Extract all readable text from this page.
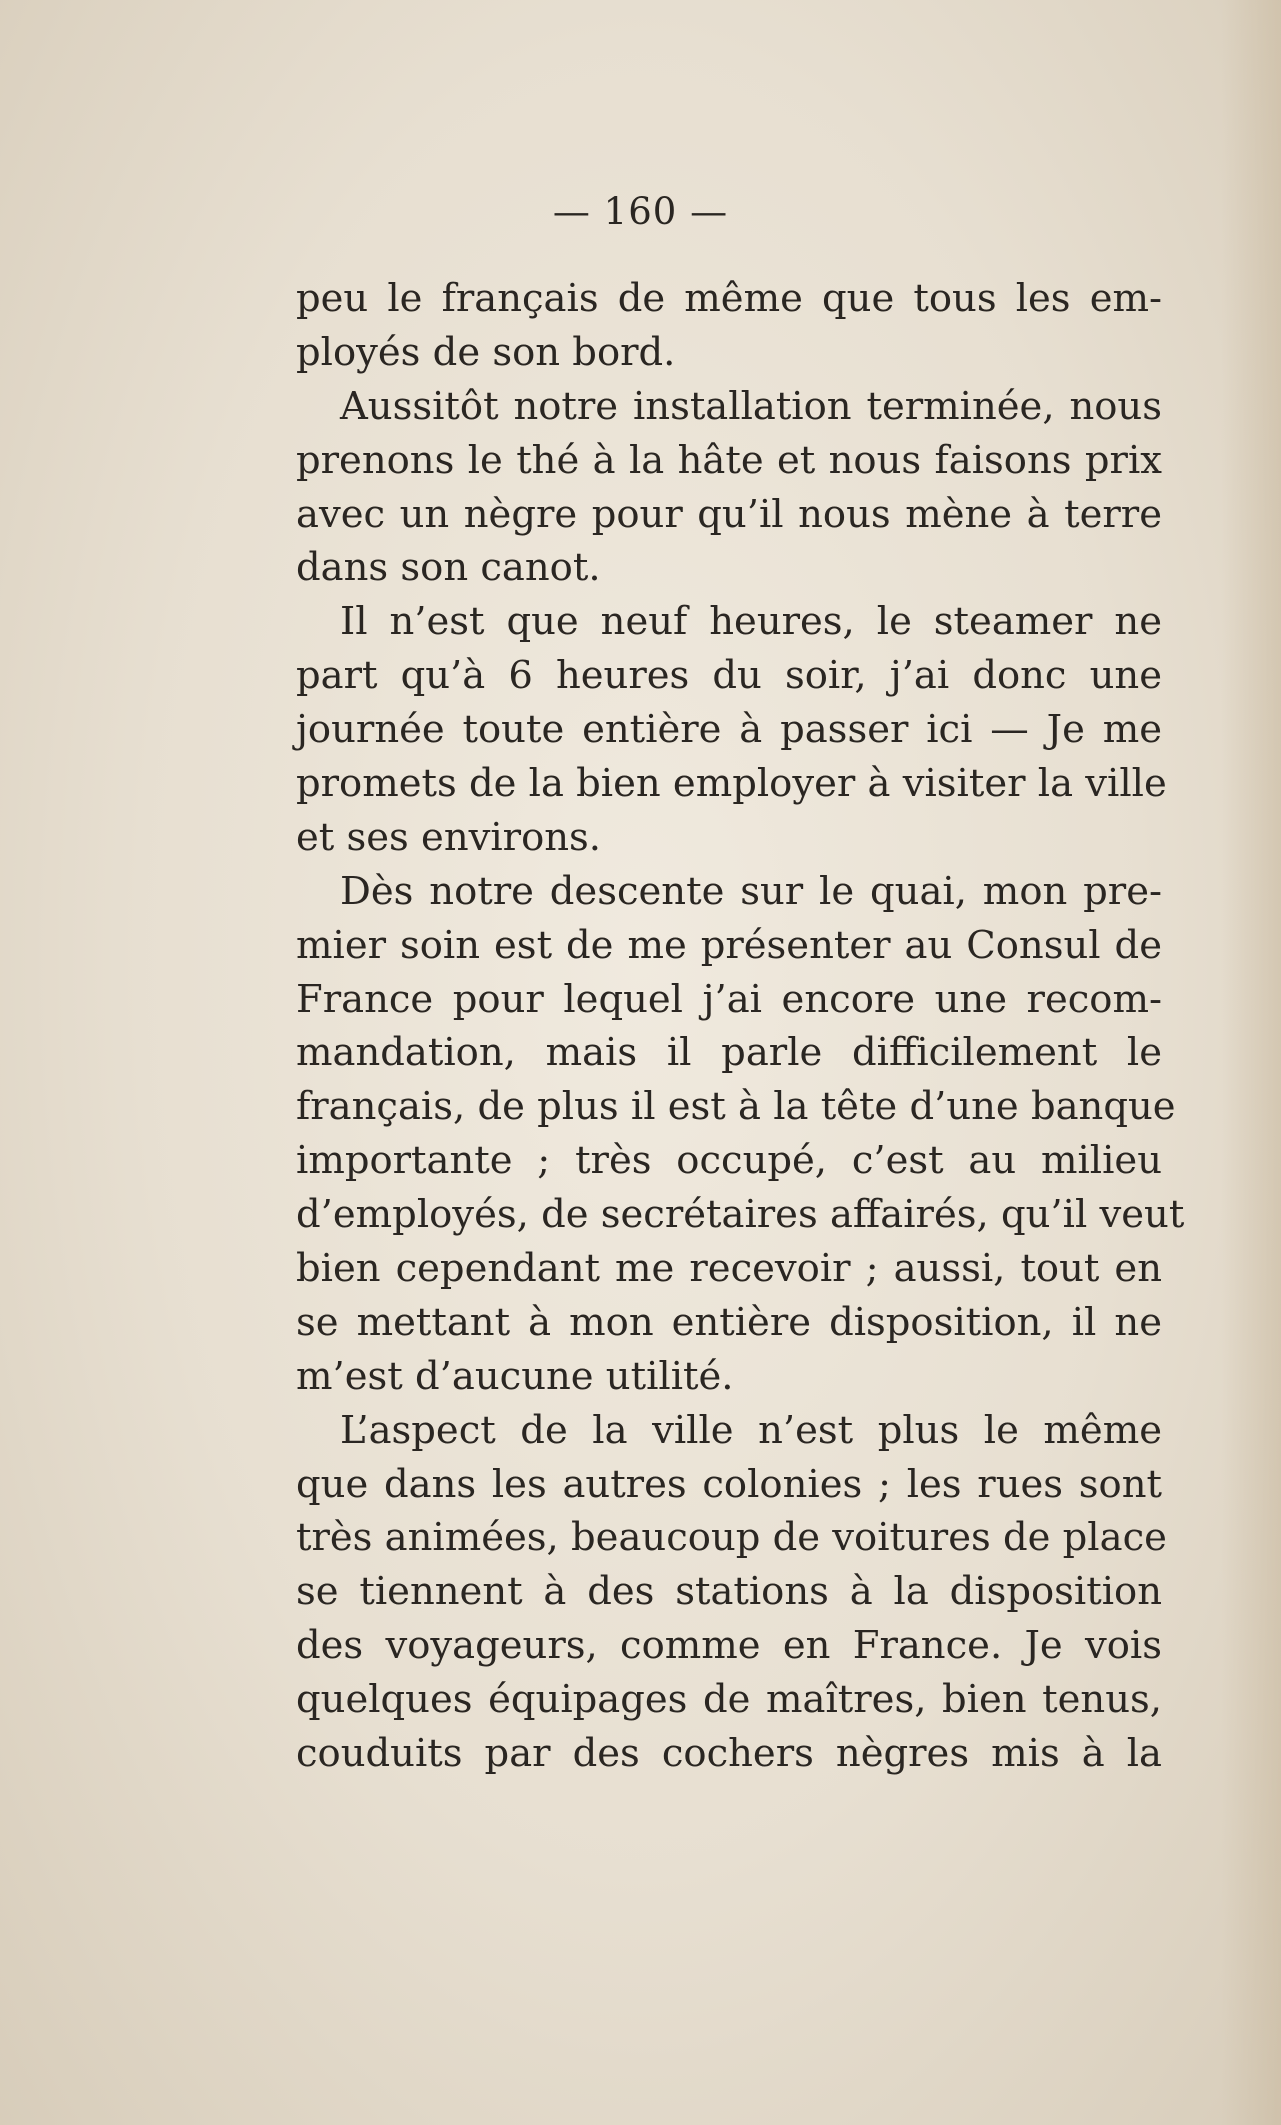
— 160 —
peu le français de même que tous les em-
ployés de son bord.
Aussitôt notre installation terminée, nous
prenons le thé à la hâte et nous faisons prix
avec un nègre pour qu’il nous mène à terre
dans son canot.
Il n’est que neuf heures, le steamer ne
part qu’à 6 heures du soir, j’ai donc une
journée toute entière à passer ici — Je me
promets de la bien employer à visiter la ville
et ses environs.
Dès notre descente sur le quai, mon pre-
mier soin est de me présenter au Consul de
France pour lequel j’ai encore une recom-
mandation, mais il parle difficilement le
français, de plus il est à la tête d’une banque
importante ; très occupé, c’est au milieu
d’employés, de secrétaires affairés, qu’il veut
bien cependant me recevoir ; aussi, tout en
se mettant à mon entière disposition, il ne
m’est d’aucune utilité.
L’aspect de la ville n’est plus le même
que dans les autres colonies ; les rues sont
très animées, beaucoup de voitures de place
se tiennent à des stations à la disposition
des voyageurs, comme en France. Je vois
quelques équipages de maîtres, bien tenus,
couduits par des cochers nègres mis à la
